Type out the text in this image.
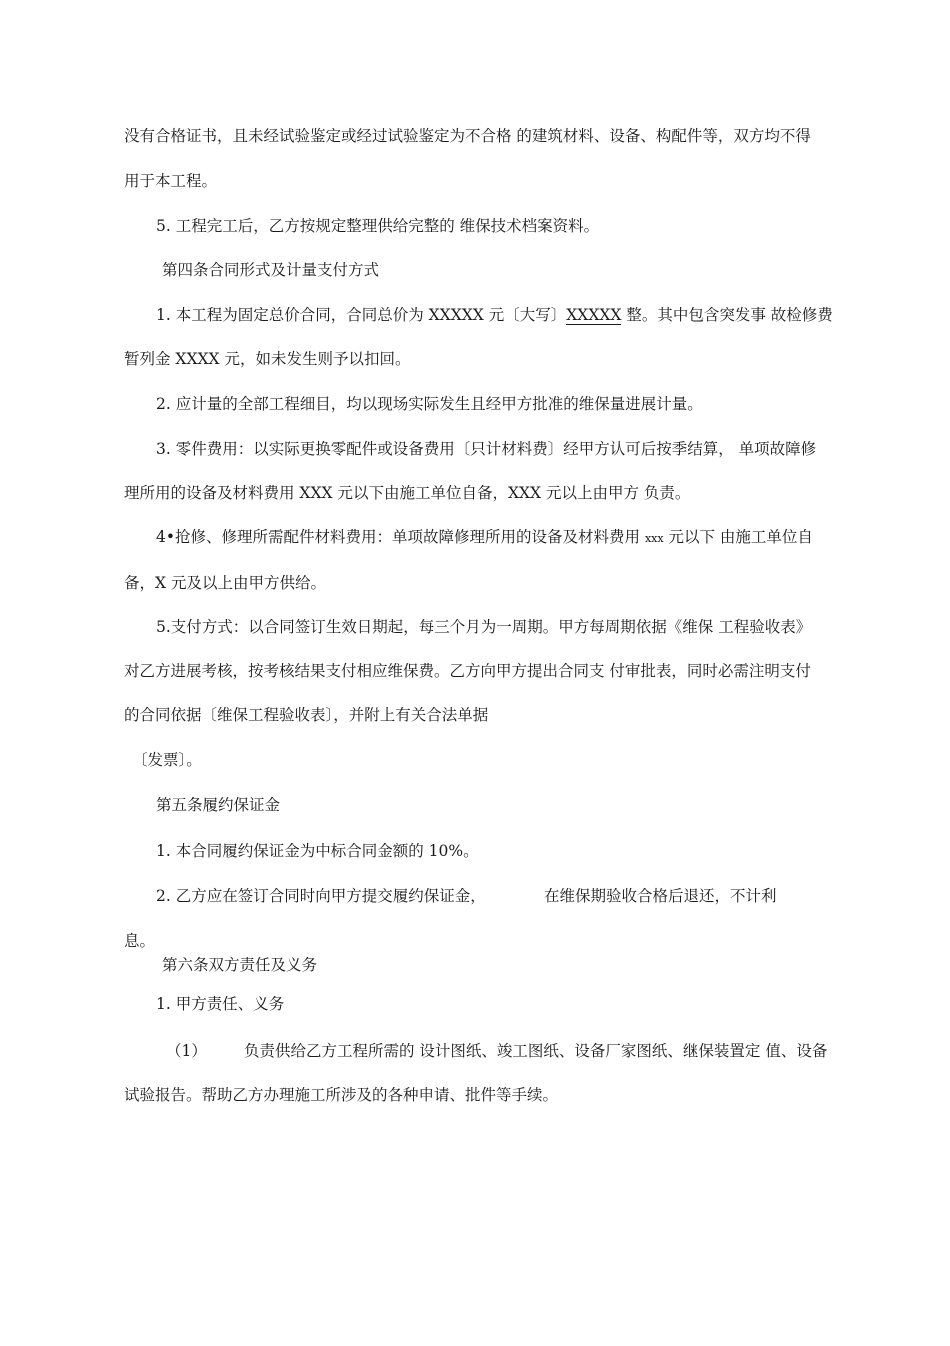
没有合格证书，且未经试验鉴定或经过试验鉴定为不合格 的建筑材料、设备、构配件等，双方均不得
用于本工程。
5. 工程完工后，乙方按规定整理供给完整的 维保技术档案资料。
第四条合同形式及计量支付方式
1. 本工程为固定总价合同，合同总价为 XXXXX 元〔大写〕XXXXX 整。其中包含突发事 故检修费
暂列金 XXXX 元，如未发生则予以扣回。
2. 应计量的全部工程细目，均以现场实际发生且经甲方批准的维保量进展计量。
3. 零件费用：以实际更换零配件或设备费用〔只计材料费〕经甲方认可后按季结算， 单项故障修
理所用的设备及材料费用 XXX 元以下由施工单位自备，XXX 元以上由甲方 负责。
4•抢修、修理所需配件材料费用：单项故障修理所用的设备及材料费用 xxx 元以下 由施工单位自
备，X 元及以上由甲方供给。
5.支付方式：以合同签订生效日期起，每三个月为一周期。甲方每周期依据《维保 工程验收表》
对乙方进展考核，按考核结果支付相应维保费。乙方向甲方提出合同支 付审批表，同时必需注明支付
的合同依据〔维保工程验收表〕，并附上有关合法单据
〔发票〕。
第五条履约保证金
1. 本合同履约保证金为中标合同金额的 10%。
2. 乙方应在签订合同时向甲方提交履约保证金，	在维保期验收合格后退还，不计利
息。
第六条双方责任及义务
1. 甲方责任、义务
（1） 负责供给乙方工程所需的 设计图纸、竣工图纸、设备厂家图纸、继保装置定 值、设备
试验报告。帮助乙方办理施工所涉及的各种申请、批件等手续。
